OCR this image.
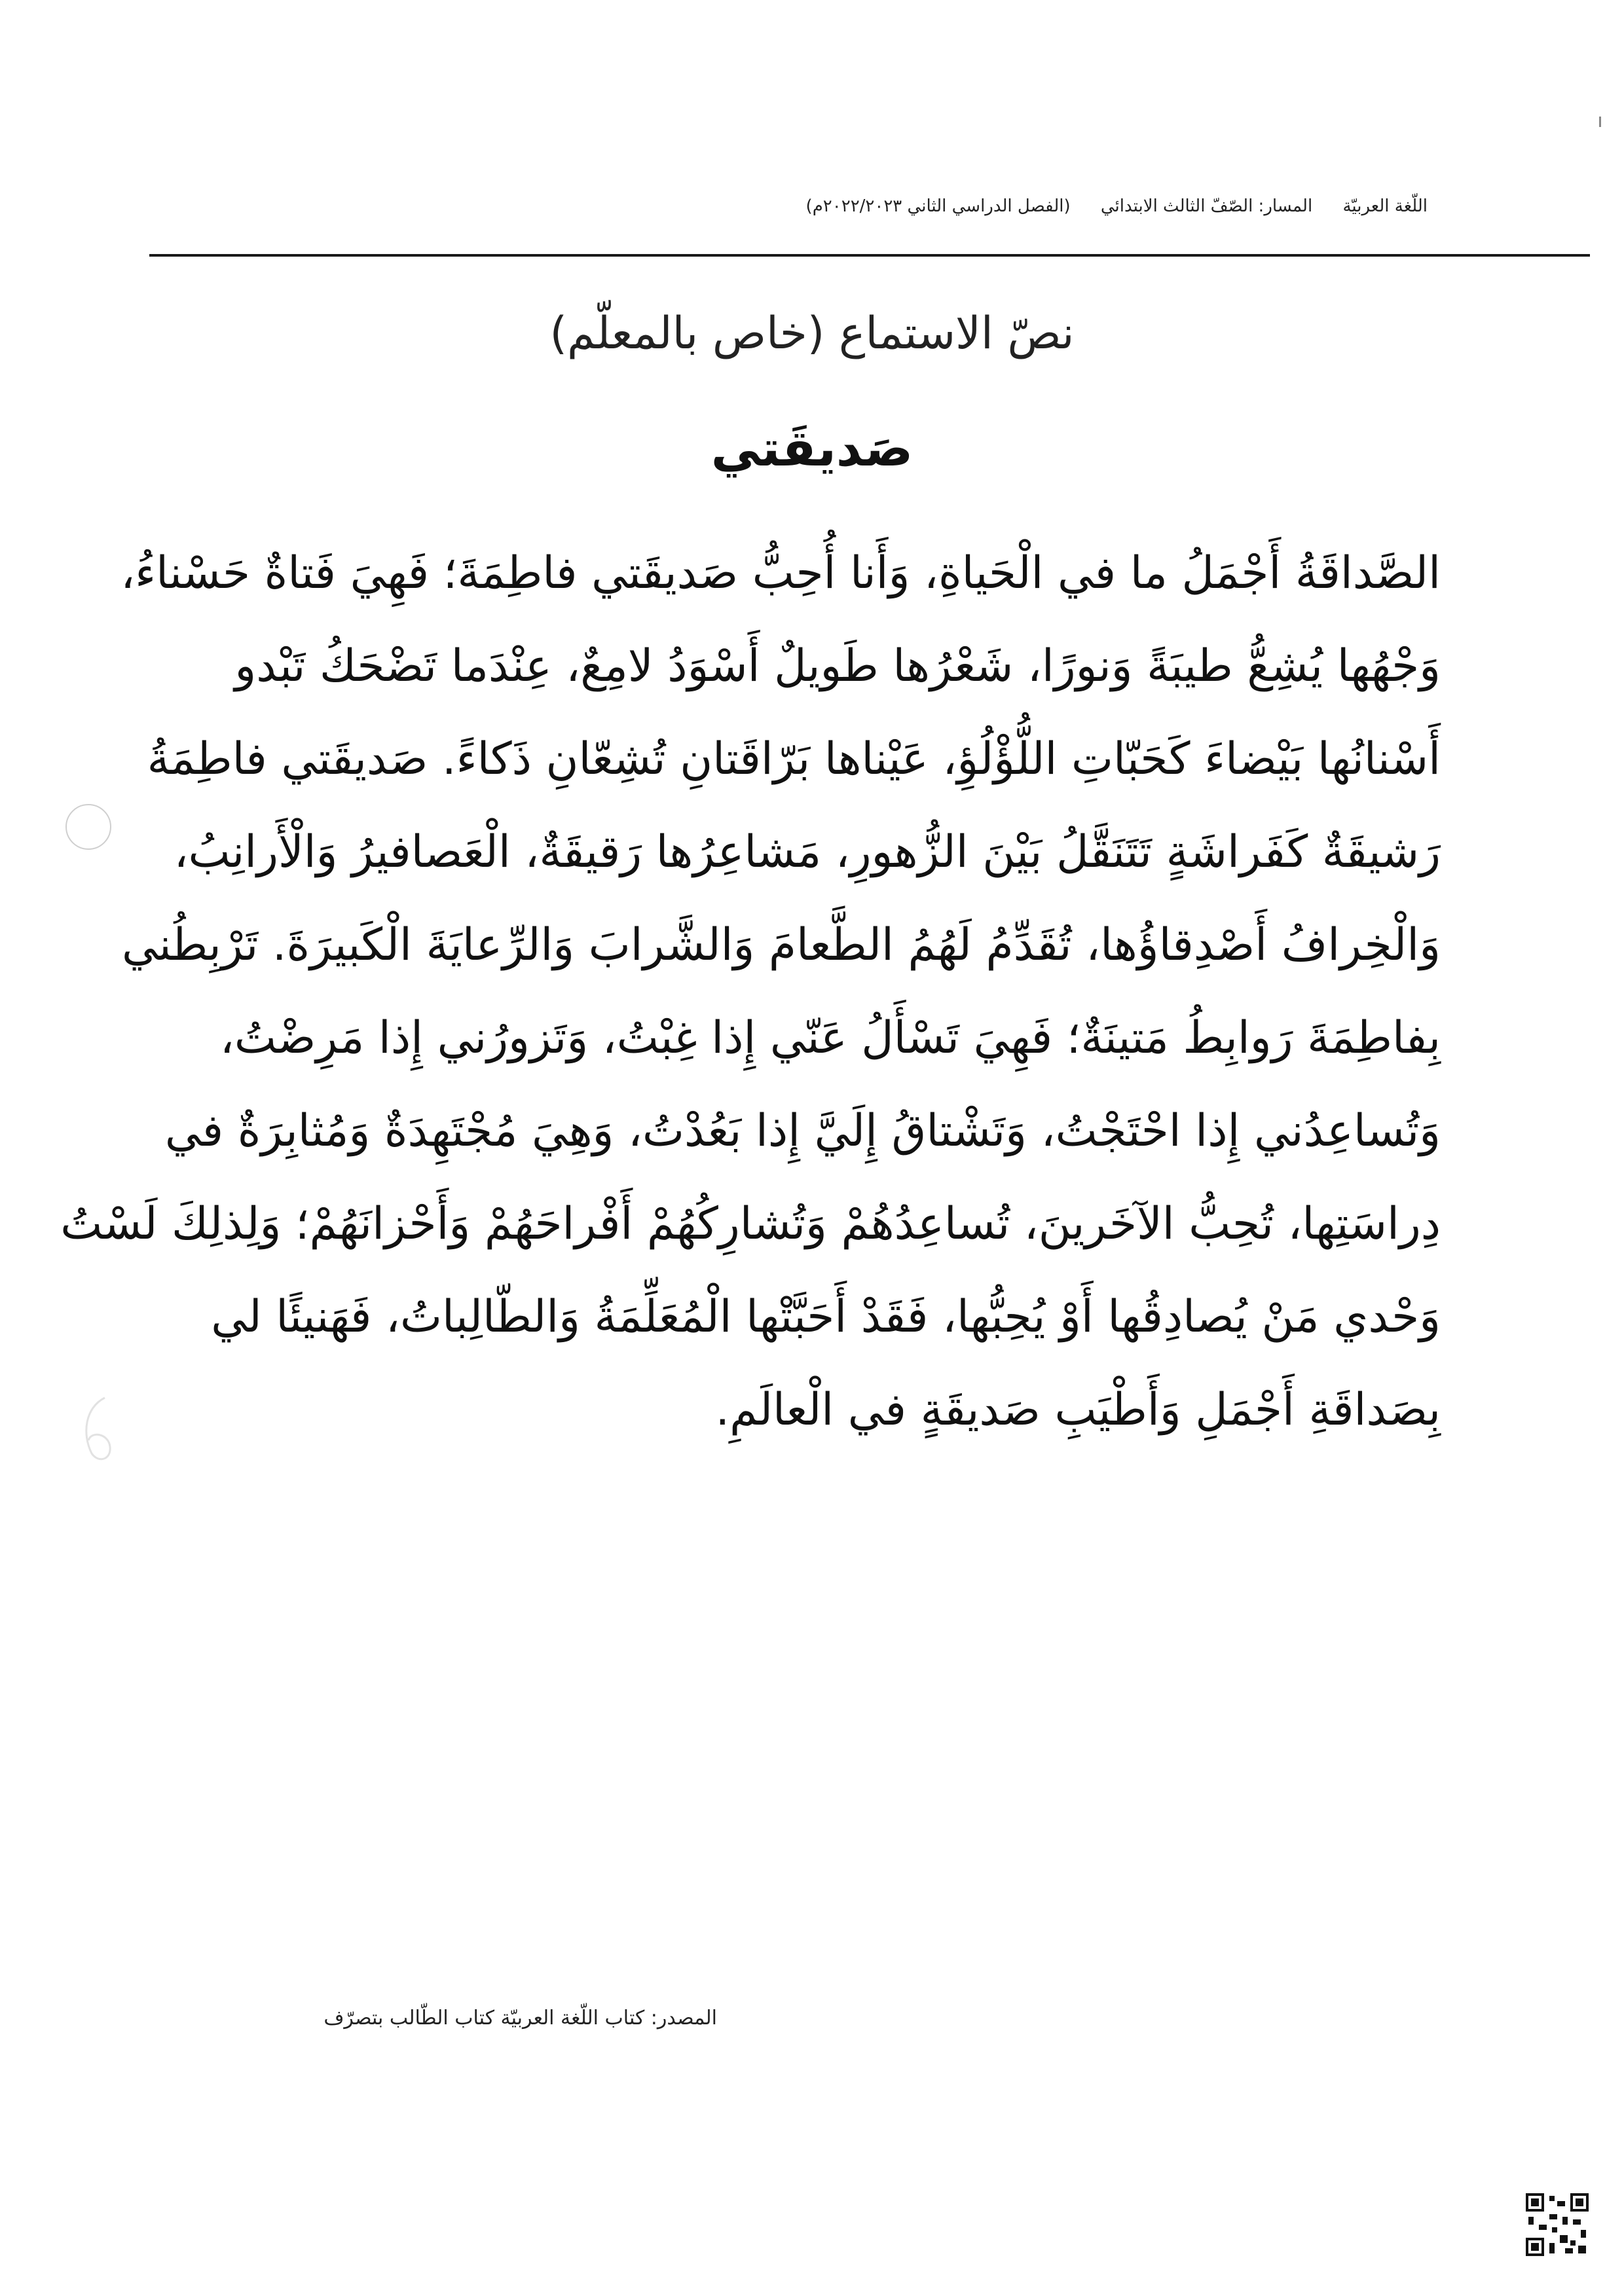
اللّغة العربيّة المسار: الصّفّ الثالث الابتدائي (الفصل الدراسي الثاني ٢٠٢٢/٢٠٢٣م)
نصّ الاستماع (خاص بالمعلّم)
صَديقَتي
الصَّداقَةُ أَجْمَلُ ما في الْحَياةِ، وَأَنا أُحِبُّ صَديقَتي فاطِمَةَ؛ فَهِيَ فَتاةٌ حَسْناءُ،
وَجْهُها يُشِعُّ طيبَةً وَنورًا، شَعْرُها طَويلٌ أَسْوَدُ لامِعٌ، عِنْدَما تَضْحَكُ تَبْدو
أَسْنانُها بَيْضاءَ كَحَبّاتِ اللُّؤْلُؤِ، عَيْناها بَرّاقَتانِ تُشِعّانِ ذَكاءً. صَديقَتي فاطِمَةُ
رَشيقَةٌ كَفَراشَةٍ تَتَنَقَّلُ بَيْنَ الزُّهورِ، مَشاعِرُها رَقيقَةٌ، الْعَصافيرُ وَالْأَرانِبُ،
وَالْخِرافُ أَصْدِقاؤُها، تُقَدِّمُ لَهُمُ الطَّعامَ وَالشَّرابَ وَالرِّعايَةَ الْكَبيرَةَ. تَرْبِطُني
بِفاطِمَةَ رَوابِطُ مَتينَةٌ؛ فَهِيَ تَسْأَلُ عَنّي إِذا غِبْتُ، وَتَزورُني إِذا مَرِضْتُ،
وَتُساعِدُني إِذا احْتَجْتُ، وَتَشْتاقُ إِلَيَّ إِذا بَعُدْتُ، وَهِيَ مُجْتَهِدَةٌ وَمُثابِرَةٌ في
دِراسَتِها، تُحِبُّ الآخَرينَ، تُساعِدُهُمْ وَتُشارِكُهُمْ أَفْراحَهُمْ وَأَحْزانَهُمْ؛ وَلِذلِكَ لَسْتُ
وَحْدي مَنْ يُصادِقُها أَوْ يُحِبُّها، فَقَدْ أَحَبَّتْها الْمُعَلِّمَةُ وَالطّالِباتُ، فَهَنيئًا لي
بِصَداقَةِ أَجْمَلِ وَأَطْيَبِ صَديقَةٍ في الْعالَمِ.
المصدر: كتاب اللّغة العربيّة كتاب الطّالب بتصرّف
